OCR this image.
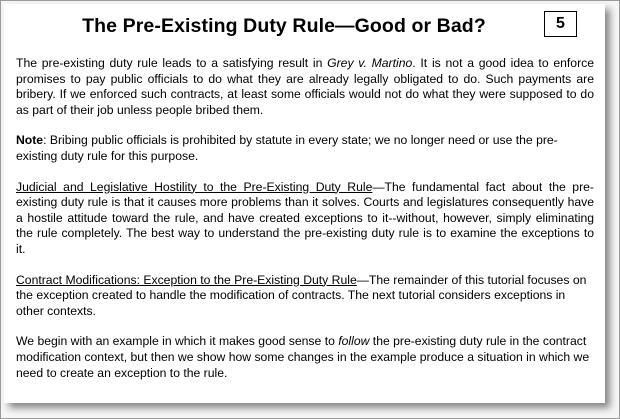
The Pre-Existing Duty Rule—Good or Bad?	5

The pre-existing duty rule leads to a satisfying result in Grey v. Martino. It is not a good idea to enforce promises to pay public officials to do what they are already legally obligated to do. Such payments are bribery. If we enforced such contracts, at least some officials would not do what they were supposed to do as part of their job unless people bribed them.

Note: Bribing public officials is prohibited by statute in every state; we no longer need or use the pre-existing duty rule for this purpose.

Judicial and Legislative Hostility to the Pre-Existing Duty Rule—The fundamental fact about the pre-existing duty rule is that it causes more problems than it solves. Courts and legislatures consequently have a hostile attitude toward the rule, and have created exceptions to it--without, however, simply eliminating the rule completely. The best way to understand the pre-existing duty rule is to examine the exceptions to it.

Contract Modifications: Exception to the Pre-Existing Duty Rule—The remainder of this tutorial focuses on the exception created to handle the modification of contracts. The next tutorial considers exceptions in other contexts.

We begin with an example in which it makes good sense to follow the pre-existing duty rule in the contract modification context, but then we show how some changes in the example produce a situation in which we need to create an exception to the rule.
